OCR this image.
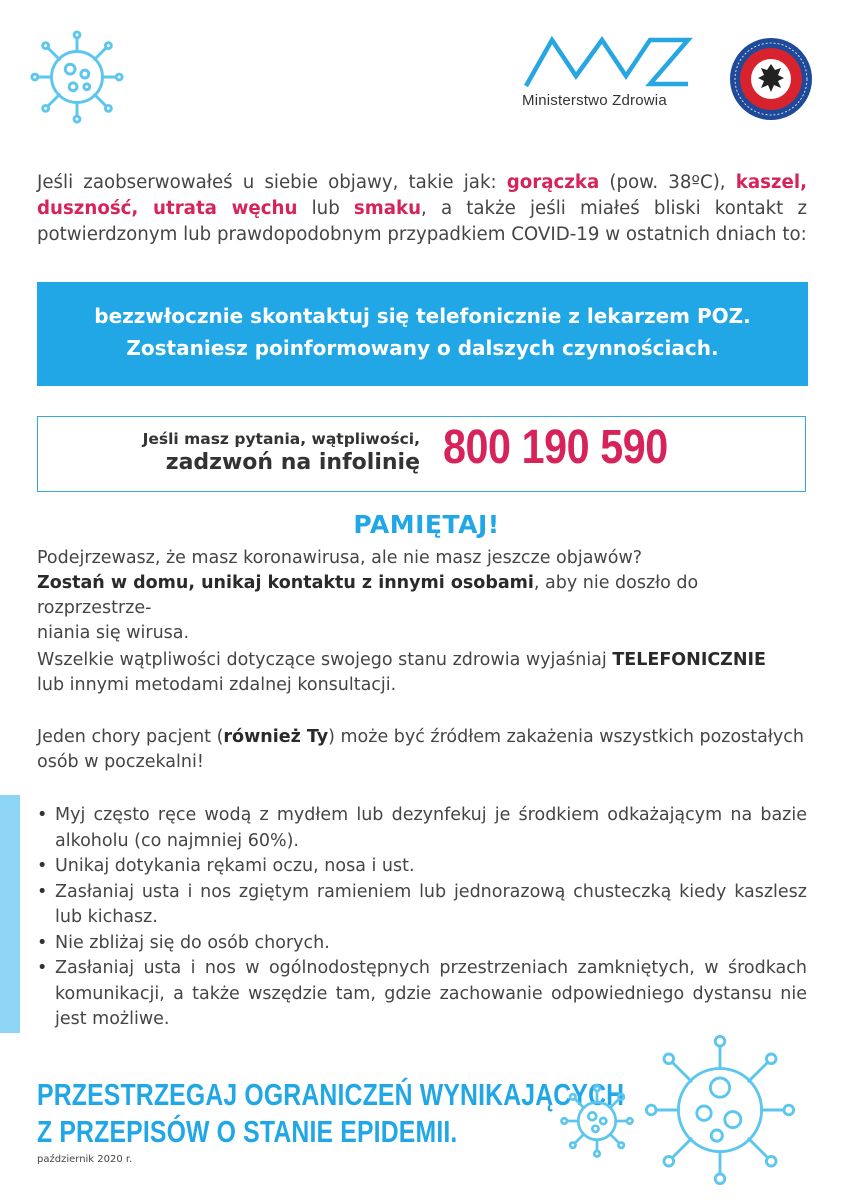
Ministerstwo Zdrowia
Jeśli zaobserwowałeś u siebie objawy, takie jak: gorączka (pow. 38ºC), kaszel, duszność, utrata węchu lub smaku, a także jeśli miałeś bliski kontakt z potwierdzonym lub prawdopodobnym przypadkiem COVID-19 w ostatnich dniach to:
bezzwłocznie skontaktuj się telefonicznie z lekarzem POZ.
Zostaniesz poinformowany o dalszych czynnościach.
Jeśli masz pytania, wątpliwości,
zadzwoń na infolinię 800 190 590
PAMIĘTAJ!
Podejrzewasz, że masz koronawirusa, ale nie masz jeszcze objawów?
Zostań w domu, unikaj kontaktu z innymi osobami, aby nie doszło do rozprzestrze-
niania się wirusa.
Wszelkie wątpliwości dotyczące swojego stanu zdrowia wyjaśniaj TELEFONICZNIE
lub innymi metodami zdalnej konsultacji.
Jeden chory pacjent (również Ty) może być źródłem zakażenia wszystkich pozostałych osób w poczekalni!
• Myj często ręce wodą z mydłem lub dezynfekuj je środkiem odkażającym na bazie alkoholu (co najmniej 60%).
• Unikaj dotykania rękami oczu, nosa i ust.
• Zasłaniaj usta i nos zgiętym ramieniem lub jednorazową chusteczką kiedy kaszlesz lub kichasz.
• Nie zbliżaj się do osób chorych.
• Zasłaniaj usta i nos w ogólnodostępnych przestrzeniach zamkniętych, w środkach komunikacji, a także wszędzie tam, gdzie zachowanie odpowiedniego dystansu nie jest możliwe.
PRZESTRZEGAJ OGRANICZEŃ WYNIKAJĄCYCH
Z PRZEPISÓW O STANIE EPIDEMII.
październik 2020 r.
